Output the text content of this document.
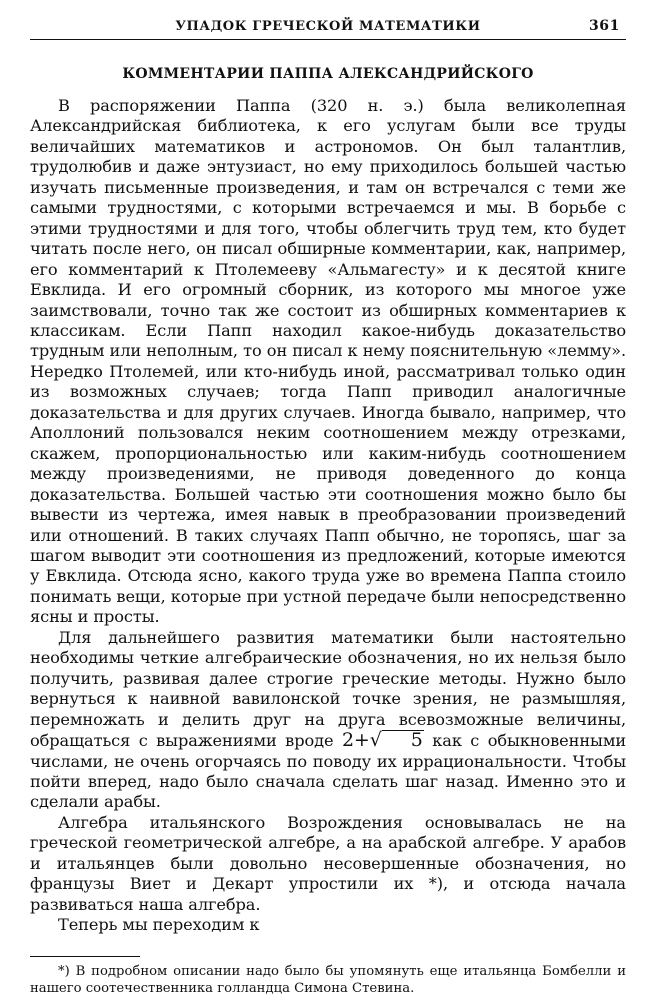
УПАДОК ГРЕЧЕСКОЙ МАТЕМАТИКИ	361
КОММЕНТАРИИ ПАППА АЛЕКСАНДРИЙСКОГО

В распоряжении Паппа (320 н. э.) была великолепная Александрийская библиотека, к его услугам были все труды величайших математиков и астрономов. Он был талантлив, трудолюбив и даже энтузиаст, но ему приходилось большей частью изучать письменные произведения, и там он встречался с теми же самыми трудностями, с которыми встречаемся и мы. В борьбе с этими трудностями и для того, чтобы облегчить труд тем, кто будет читать после него, он писал обширные комментарии, как, например, его комментарий к Птолемееву «Альмагесту» и к десятой книге Евклида. И его огромный сборник, из которого мы многое уже заимствовали, точно так же состоит из обширных комментариев к классикам. Если Папп находил какое-нибудь доказательство трудным или неполным, то он писал к нему пояснительную «лемму». Нередко Птолемей, или кто-нибудь иной, рассматривал только один из возможных случаев; тогда Папп приводил аналогичные доказательства и для других случаев. Иногда бывало, например, что Аполлоний пользовался неким соотношением между отрезками, скажем, пропорциональностью или каким-нибудь соотношением между произведениями, не приводя доведенного до конца доказательства. Большей частью эти соотношения можно было бы вывести из чертежа, имея навык в преобразовании произведений или отношений. В таких случаях Папп обычно, не торопясь, шаг за шагом выводит эти соотношения из предложений, которые имеются у Евклида. Отсюда ясно, какого труда уже во времена Паппа стоило понимать вещи, которые при устной передаче были непосредственно ясны и просты.

Для дальнейшего развития математики были настоятельно необходимы четкие алгебраические обозначения, но их нельзя было получить, развивая далее строгие греческие методы. Нужно было вернуться к наивной вавилонской точке зрения, не размышляя, перемножать и делить друг на друга всевозможные величины, обращаться с выражениями вроде 2+√ 5 как с обыкновенными числами, не очень огорчаясь по поводу их иррациональности. Чтобы пойти вперед, надо было сначала сделать шаг назад. Именно это и сделали арабы.

Алгебра итальянского Возрождения основывалась не на греческой геометрической алгебре, а на арабской алгебре. У арабов и итальянцев были довольно несовершенные обозначения, но французы Виет и Декарт упростили их *), и отсюда начала развиваться наша алгебра.

Теперь мы переходим к

*) В подробном описании надо было бы упомянуть еще итальянца Бомбелли и нашего соотечественника голландца Симона Стевина.
